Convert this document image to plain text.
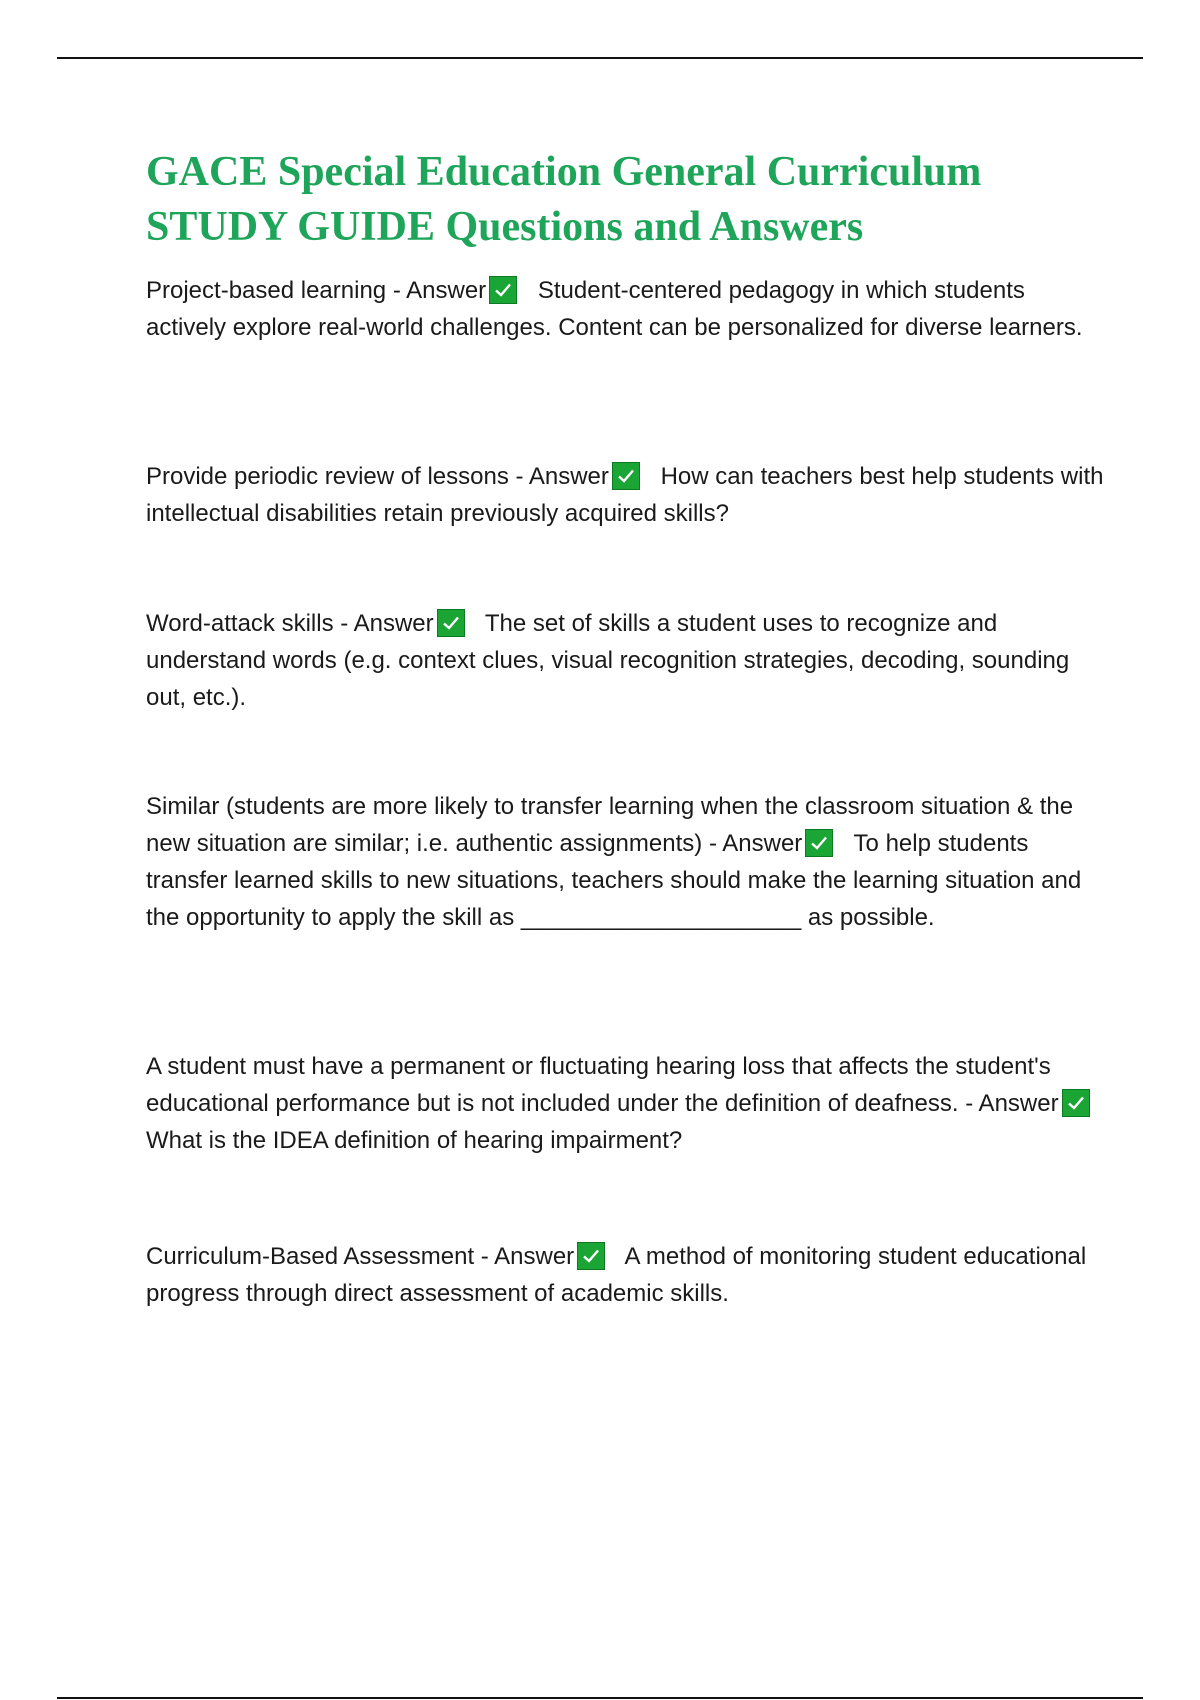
GACE Special Education General Curriculum STUDY GUIDE Questions and Answers

Project-based learning - Answer Student-centered pedagogy in which students actively explore real-world challenges. Content can be personalized for diverse learners.

Provide periodic review of lessons - Answer How can teachers best help students with intellectual disabilities retain previously acquired skills?

Word-attack skills - Answer The set of skills a student uses to recognize and understand words (e.g. context clues, visual recognition strategies, decoding, sounding out, etc.).

Similar (students are more likely to transfer learning when the classroom situation & the new situation are similar; i.e. authentic assignments) - Answer To help students transfer learned skills to new situations, teachers should make the learning situation and the opportunity to apply the skill as _____________________ as possible.

A student must have a permanent or fluctuating hearing loss that affects the student's educational performance but is not included under the definition of deafness. - Answer
What is the IDEA definition of hearing impairment?

Curriculum-Based Assessment - Answer A method of monitoring student educational progress through direct assessment of academic skills.
